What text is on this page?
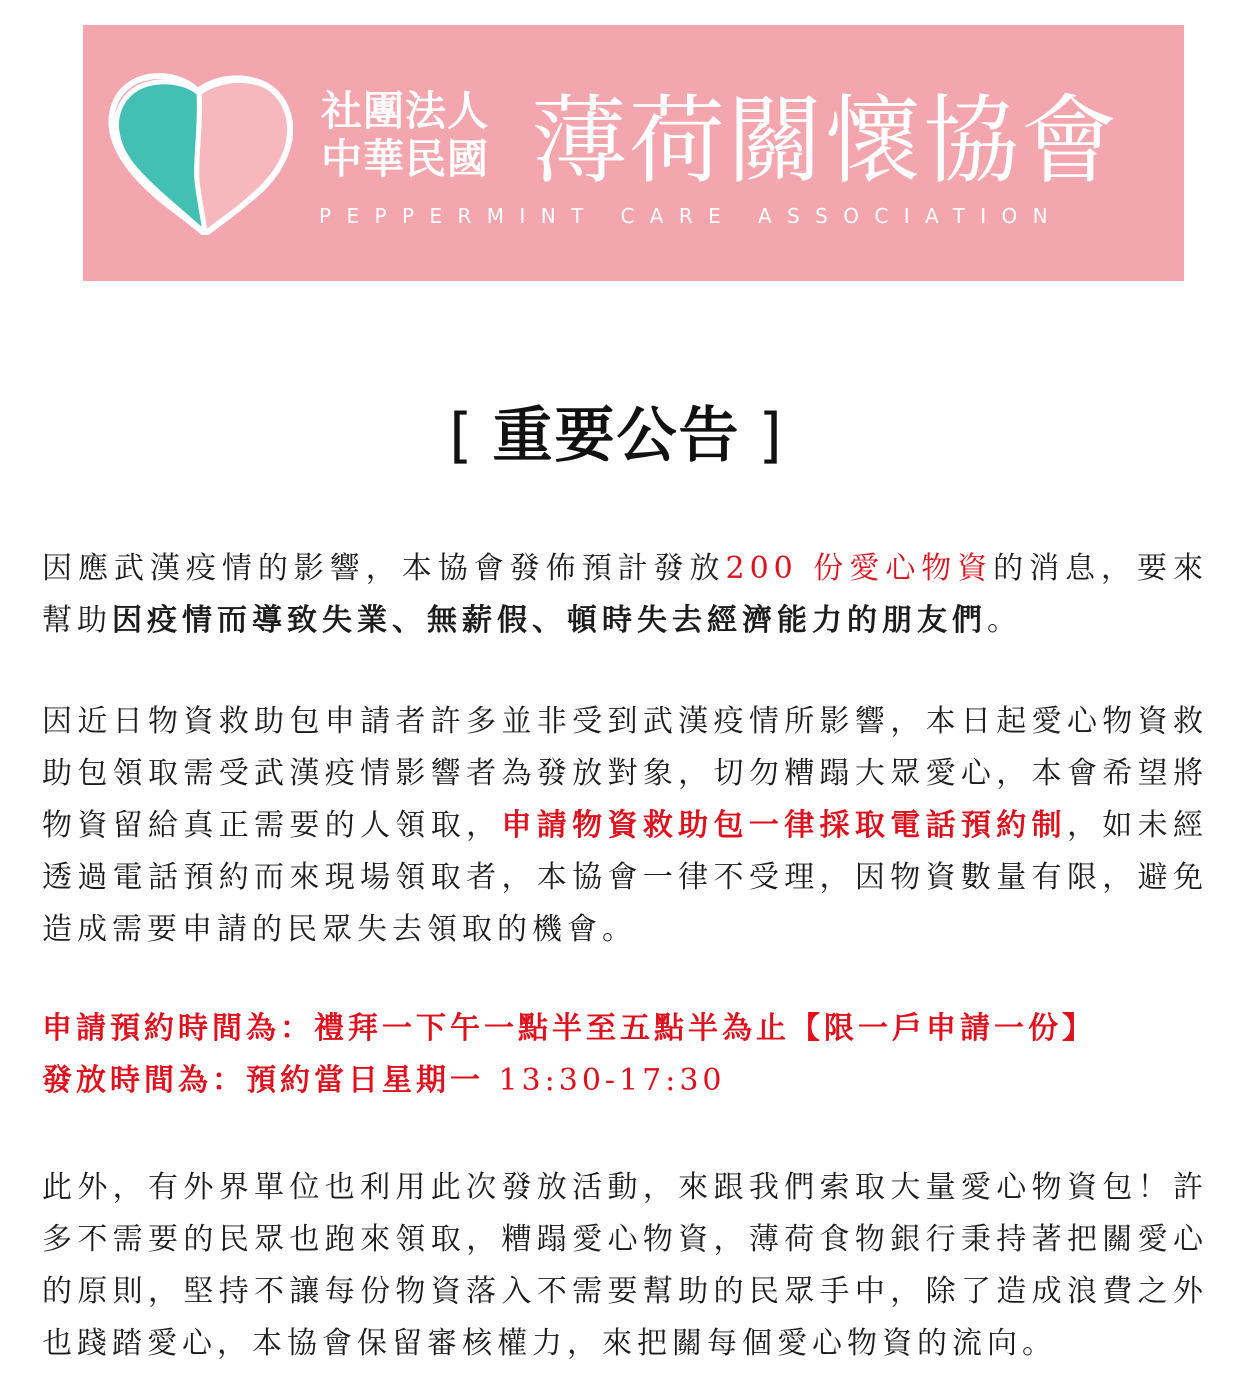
社團法人
中華民國 薄荷關懷協會
PEPPERMINT CARE ASSOCIATION
[ 重要公告 ]
因應武漢疫情的影響，本協會發佈預計發放200 份愛心物資的消息，要來幫助因疫情而導致失業、無薪假、頓時失去經濟能力的朋友們。
因近日物資救助包申請者許多並非受到武漢疫情所影響，本日起愛心物資救助包領取需受武漢疫情影響者為發放對象，切勿糟蹋大眾愛心，本會希望將物資留給真正需要的人領取，申請物資救助包一律採取電話預約制，如未經透過電話預約而來現場領取者，本協會一律不受理，因物資數量有限，避免造成需要申請的民眾失去領取的機會。
申請預約時間為：禮拜一下午一點半至五點半為止【限一戶申請一份】
發放時間為：預約當日星期一 13:30-17:30
此外，有外界單位也利用此次發放活動，來跟我們索取大量愛心物資包！許多不需要的民眾也跑來領取，糟蹋愛心物資，薄荷食物銀行秉持著把關愛心的原則，堅持不讓每份物資落入不需要幫助的民眾手中，除了造成浪費之外也踐踏愛心，本協會保留審核權力，來把關每個愛心物資的流向。
